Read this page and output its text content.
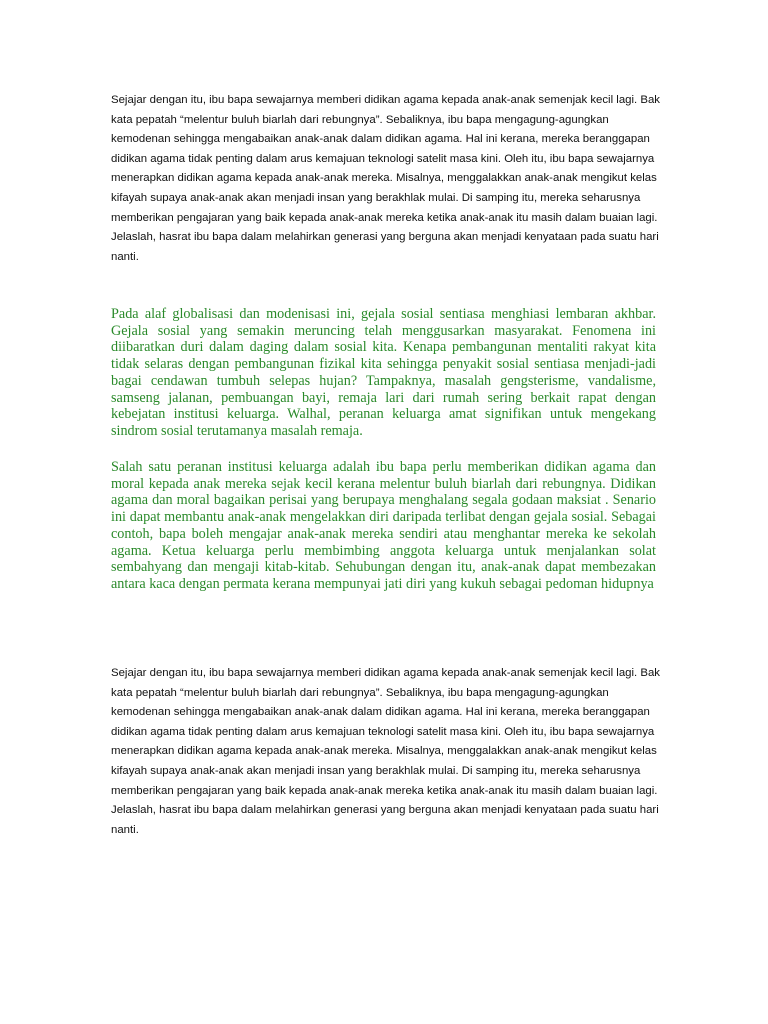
Sejajar dengan itu, ibu bapa sewajarnya memberi didikan agama kepada anak-anak semenjak kecil lagi. Bak kata pepatah “melentur buluh biarlah dari rebungnya”. Sebaliknya, ibu bapa mengagung-agungkan kemodenan sehingga mengabaikan anak-anak dalam didikan agama. Hal ini kerana, mereka beranggapan didikan agama tidak penting dalam arus kemajuan teknologi satelit masa kini. Oleh itu, ibu bapa sewajarnya menerapkan didikan agama kepada anak-anak mereka. Misalnya, menggalakkan anak-anak mengikut kelas kifayah supaya anak-anak akan menjadi insan yang berakhlak mulai. Di samping itu, mereka seharusnya memberikan pengajaran yang baik kepada anak-anak mereka ketika anak-anak itu masih dalam buaian lagi. Jelaslah, hasrat ibu bapa dalam melahirkan generasi yang berguna akan menjadi kenyataan pada suatu hari nanti.

Pada alaf globalisasi dan modenisasi ini, gejala sosial sentiasa menghiasi lembaran akhbar. Gejala sosial yang semakin meruncing telah menggusarkan masyarakat. Fenomena ini diibaratkan duri dalam daging dalam sosial kita. Kenapa pembangunan mentaliti rakyat kita tidak selaras dengan pembangunan fizikal kita sehingga penyakit sosial sentiasa menjadi-jadi bagai cendawan tumbuh selepas hujan? Tampaknya, masalah gengsterisme, vandalisme, samseng jalanan, pembuangan bayi, remaja lari dari rumah sering berkait rapat dengan kebejatan institusi keluarga. Walhal, peranan keluarga amat signifikan untuk mengekang sindrom sosial terutamanya masalah remaja.

Salah satu peranan institusi keluarga adalah ibu bapa perlu memberikan didikan agama dan moral kepada anak mereka sejak kecil kerana melentur buluh biarlah dari rebungnya. Didikan agama dan moral bagaikan perisai yang berupaya menghalang segala godaan maksiat . Senario ini dapat membantu anak-anak mengelakkan diri daripada terlibat dengan gejala sosial. Sebagai contoh, bapa boleh mengajar anak-anak mereka sendiri atau menghantar mereka ke sekolah agama. Ketua keluarga perlu membimbing anggota keluarga untuk menjalankan solat sembahyang dan mengaji kitab-kitab. Sehubungan dengan itu, anak-anak dapat membezakan antara kaca dengan permata kerana mempunyai jati diri yang kukuh sebagai pedoman hidupnya

Sejajar dengan itu, ibu bapa sewajarnya memberi didikan agama kepada anak-anak semenjak kecil lagi. Bak kata pepatah “melentur buluh biarlah dari rebungnya”. Sebaliknya, ibu bapa mengagung-agungkan kemodenan sehingga mengabaikan anak-anak dalam didikan agama. Hal ini kerana, mereka beranggapan didikan agama tidak penting dalam arus kemajuan teknologi satelit masa kini. Oleh itu, ibu bapa sewajarnya menerapkan didikan agama kepada anak-anak mereka. Misalnya, menggalakkan anak-anak mengikut kelas kifayah supaya anak-anak akan menjadi insan yang berakhlak mulai. Di samping itu, mereka seharusnya memberikan pengajaran yang baik kepada anak-anak mereka ketika anak-anak itu masih dalam buaian lagi. Jelaslah, hasrat ibu bapa dalam melahirkan generasi yang berguna akan menjadi kenyataan pada suatu hari nanti.
